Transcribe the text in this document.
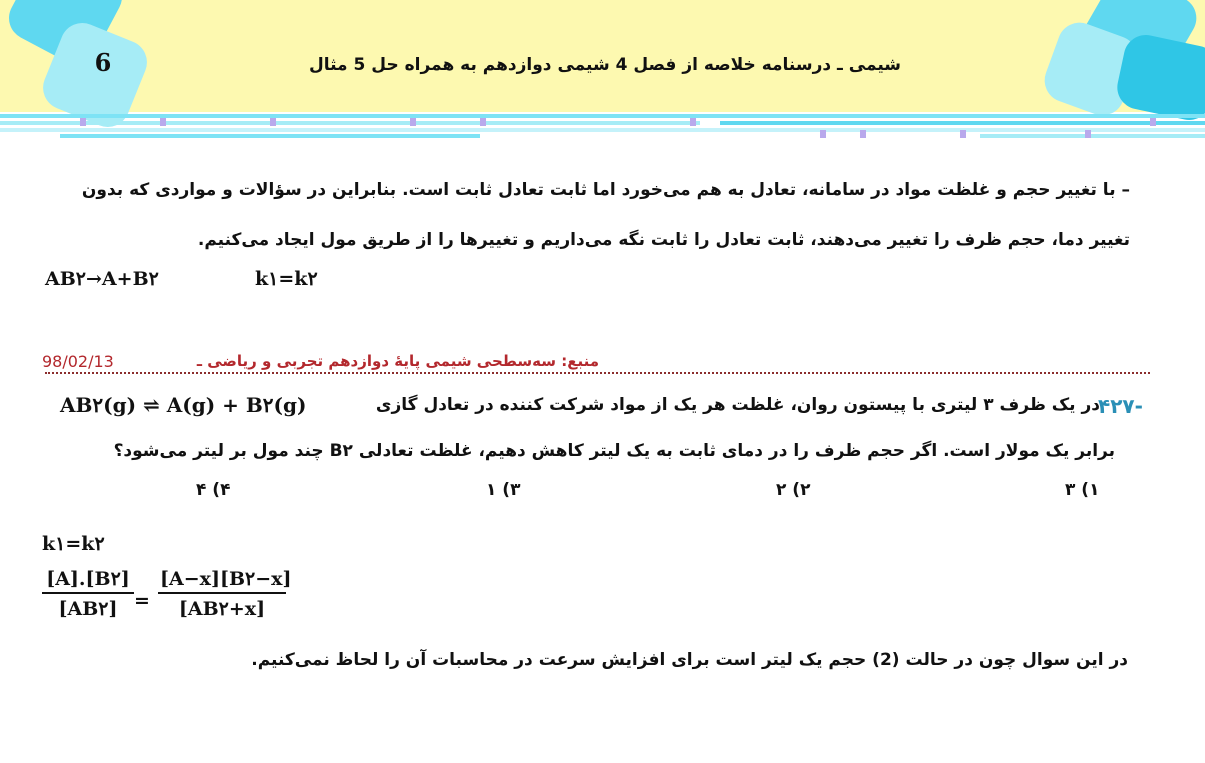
6	شیمی ـ درسنامه خلاصه از فصل 4 شیمی دوازدهم به همراه حل 5 مثال
– با تغییر حجم و غلظت مواد در سامانه، تعادل به هم می‌خورد اما ثابت تعادل ثابت است. بنابراین در سؤالات و مواردی که بدون تغییر دما، حجم ظرف را تغییر می‌دهند، ثابت تعادل را ثابت نگه می‌داریم و تغییرها را از طریق مول ایجاد می‌کنیم.
AB۲→A+B۲	k۱=k۲
98/02/13	منبع: سه‌سطحی شیمی پایهٔ دوازدهم تجربی و ریاضی ـ
۴۲۷-
در یک ظرف ۳ لیتری با پیستون روان، غلظت هر یک از مواد شرکت کننده در تعادل گازی
AB۲(g) ⇌ A(g) + B۲(g)
برابر یک مولار است. اگر حجم ظرف را در دمای ثابت به یک لیتر کاهش دهیم، غلظت تعادلی B۲ چند مول بر لیتر می‌شود؟
۱) ۳
۲) ۲
۳) ۱
۴) ۴
k۱=k۲
$\frac{[A].[B۲]}{[AB۲]} = \frac{[A-x][B۲-x]}{[AB۲+x]}$
در این سوال چون در حالت (2) حجم یک لیتر است برای افزایش سرعت در محاسبات آن را لحاظ نمی‌کنیم.
